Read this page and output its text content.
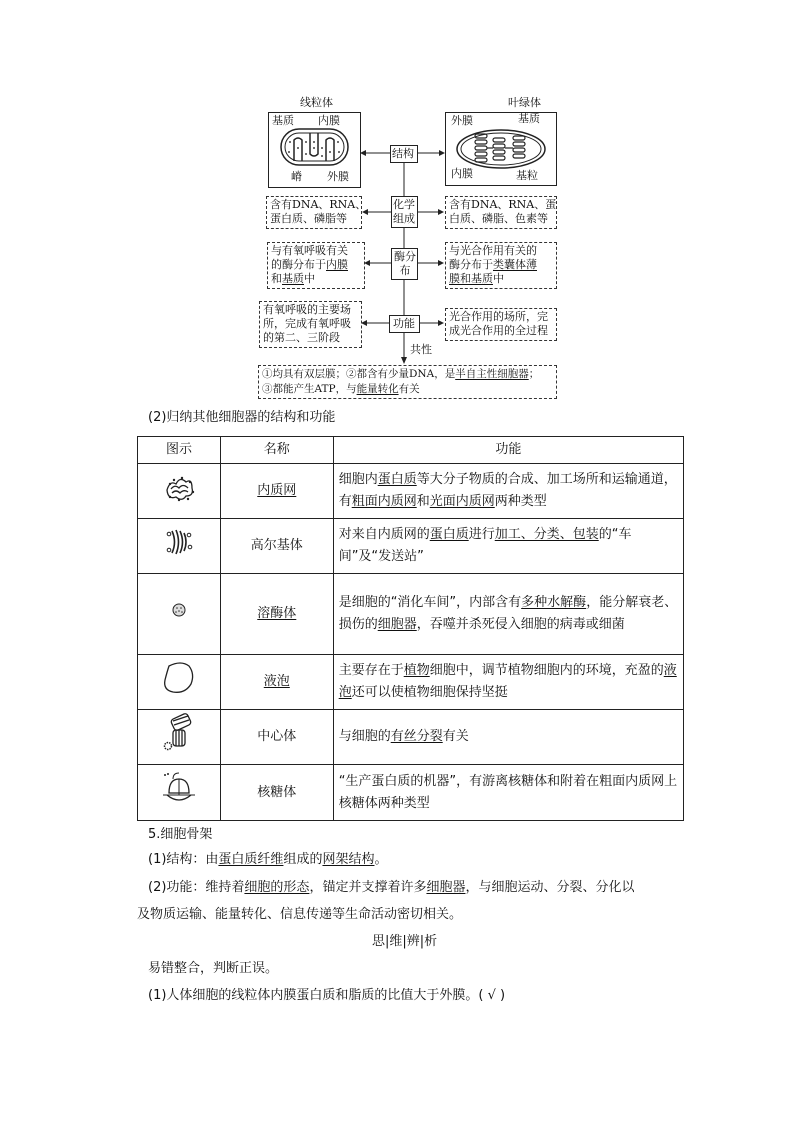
线粒体
基质 内膜
嵴 外膜
叶绿体
外膜	基质
内膜	基粒
结构
化学组成
酶分布
功能
共性
含有DNA、RNA、
蛋白质、磷脂等
与有氧呼吸有关
的酶分布于内膜
和基质中
有氧呼吸的主要场
所，完成有氧呼吸
的第二、三阶段
含有DNA、RNA、蛋
白质、磷脂、色素等
与光合作用有关的
酶分布于类囊体薄
膜和基质中
光合作用的场所，完
成光合作用的全过程
①均具有双层膜；②都含有少量DNA，是半自主性细胞器；
③都能产生ATP，与能量转化有关
(2)归纳其他细胞器的结构和功能
图示	名称	功能
	内质网	细胞内蛋白质等大分子物质的合成、加工场所和运输通道，有粗面内质网和光面内质网两种类型
	高尔基体	对来自内质网的蛋白质进行加工、分类、包装的“车间”及“发送站”
	溶酶体	是细胞的“消化车间”，内部含有多种水解酶，能分解衰老、损伤的细胞器，吞噬并杀死侵入细胞的病毒或细菌
	液泡	主要存在于植物细胞中，调节植物细胞内的环境，充盈的液泡还可以使植物细胞保持坚挺
	中心体	与细胞的有丝分裂有关
	核糖体	“生产蛋白质的机器”，有游离核糖体和附着在粗面内质网上核糖体两种类型
5.细胞骨架
(1)结构：由蛋白质纤维组成的网架结构。
(2)功能：维持着细胞的形态，锚定并支撑着许多细胞器，与细胞运动、分裂、分化以
及物质运输、能量转化、信息传递等生命活动密切相关。
思|维|辨|析
易错整合，判断正误。
(1)人体细胞的线粒体内膜蛋白质和脂质的比值大于外膜。( √ )
